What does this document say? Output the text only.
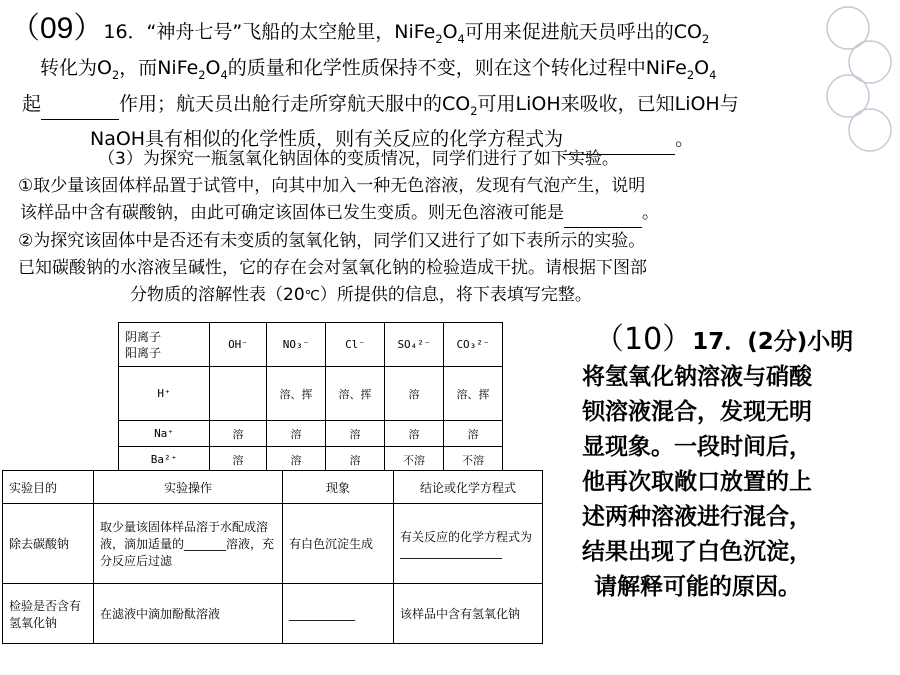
（09）16．“神舟七号”飞船的太空舱里，$NiFe_2O_4$可用来促进航天员呼出的$CO_2$
转化为$O_2$，而$NiFe_2O_4$的质量和化学性质保持不变，则在这个转化过程中$NiFe_2O_4$
起	作用；航天员出舱行走所穿航天服中的$CO_2$可用LiOH来吸收，已知LiOH与
NaOH具有相似的化学性质，则有关反应的化学方程式为	。
（3）为探究一瓶氢氧化钠固体的变质情况，同学们进行了如下实验。
①取少量该固体样品置于试管中，向其中加入一种无色溶液，发现有气泡产生，说明
该样品中含有碳酸钠，由此可确定该固体已发生变质。则无色溶液可能是	。
②为探究该固体中是否还有未变质的氢氧化钠，同学们又进行了如下表所示的实验。
已知碳酸钠的水溶液呈碱性，它的存在会对氢氧化钠的检验造成干扰。请根据下图部
分物质的溶解性表（20℃）所提供的信息，将下表填写完整。
阴离子
阳离子	OH⁻	NO₃⁻	Cl⁻	SO₄²⁻	CO₃²⁻
H⁺		溶、挥	溶、挥	溶	溶、挥
Na⁺	溶	溶	溶	溶	溶
Ba²⁺	溶	溶	溶	不溶	不溶
实验目的	实验操作	现象	结论或化学方程式
除去碳酸钠	取少量该固体样品溶于水配成溶液，滴加适量的_______溶液，充分反应后过滤	有白色沉淀生成	有关反应的化学方程式为_________________
检验是否含有氢氧化钠	在滤液中滴加酚酞溶液	___________	该样品中含有氢氧化钠
（10）17．(2分)小明
将氢氧化钠溶液与硝酸
钡溶液混合，发现无明
显现象。一段时间后，
他再次取敞口放置的上
述两种溶液进行混合，
结果出现了白色沉淀，
请解释可能的原因。
